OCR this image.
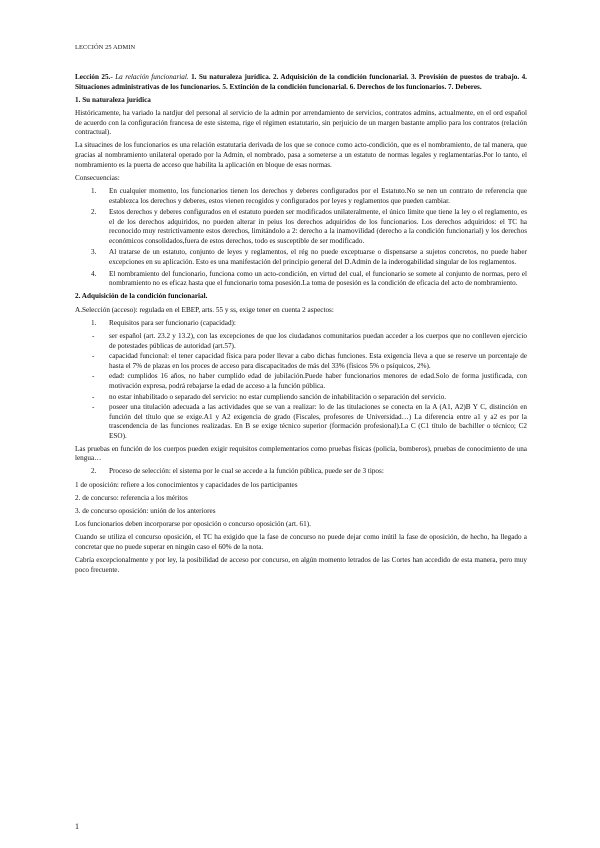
LECCIÓN 25 ADMIN

Lección 25.- La relación funcionarial. 1. Su naturaleza jurídica. 2. Adquisición de la condición funcionarial. 3. Provisión de puestos de trabajo. 4. Situaciones administrativas de los funcionarios. 5. Extinción de la condición funcionarial. 6. Derechos de los funcionarios. 7. Deberes.

1. Su naturaleza jurídica

Históricamente, ha variado la natdjur del personal al servicio de la admin por arrendamiento de servicios, contratos admins, actualmente, en el ord español de acuerdo con la configuración francesa de este sistema, rige el régimen estatutario, sin perjuicio de un margen bastante amplio para los contratos (relación contractual).

La situacines de los funcionarios es una relación estatutaria derivada de los que se conoce como acto-condición, que es el nombramiento, de tal manera, que gracias al nombramiento unilateral operado por la Admin, el nombrado, pasa a someterse a un estatuto de normas legales y reglamentarias.Por lo tanto, el nombramiento es la puerta de acceso que habilita la aplicación en bloque de esas normas.

Consecuencias:

1. En cualquier momento, los funcionarios tienen los derechos y deberes configurados por el Estatuto.No se nen un contrato de referencia que establezca los derechos y deberes, estos vienen recogidos y configurados por leyes y reglamentos que pueden cambiar.
2. Estos derechos y deberes configurados en el estatuto pueden ser modificados unilateralmente, el único límite que tiene la ley o el reglamento, es el de los derechos adquiridos, no pueden alterar in peius los derechos adquiridos de los funcionarios. Los derechos adquiridos: el TC ha reconocido muy restrictivamente estos derechos, limitándolo a 2: derecho a la inamovilidad (derecho a la condición funcionarial) y los derechos económicos consolidados,fuera de estos derechos, todo es susceptible de ser modificado.
3. Al tratarse de un estatuto, conjunto de leyes y reglamentos, el rég no puede exceptuarse o dispensarse a sujetos concretos, no puede haber excepciones en su aplicación. Esto es una manifestación del principio general del D.Admin de la inderogabilidad singular de los reglamentos.
4. El nombramiento del funcionario, funciona como un acto-condición, en virtud del cual, el funcionario se somete al conjunto de normas, pero el nombramiento no es eficaz hasta que el funcionario toma posesión.La toma de posesión es la condición de eficacia del acto de nombramiento.
2. Adquisición de la condición funcionarial.

A.Selección (acceso): regulada en el EBEP, arts. 55 y ss, exige tener en cuenta 2 aspectos:

1. Requisitos para ser funcionario (capacidad):
- ser español (art. 23.2 y 13.2), con las excepciones de que los ciudadanos comunitarios puedan acceder a los cuerpos que no conlleven ejercicio de potestades públicas de autoridad (art.57).
- capacidad funcional: el tener capacidad física para poder llevar a cabo dichas funciones. Esta exigencia lleva a que se reserve un porcentaje de hasta el 7% de plazas en los proces de acceso para discapacitados de más del 33% (físicos 5% o psíquicos, 2%).
- edad: cumplidos 16 años, no haber cumplido edad de jubilación.Puede haber funcionarios menores de edad.Solo de forma justificada, con motivación expresa, podrá rebajarse la edad de acceso a la función pública.
- no estar inhabilitado o separado del servicio: no estar cumpliendo sanción de inhabilitación o separación del servicio.
- poseer una titulación adecuada a las actividades que se van a realizar: lo de las titulaciones se conecta en la A (A1, A2)B Y C, distinción en función del título que se exige.A1 y A2 exigencia de grado (Fiscales, profesores de Universidad…) La diferencia entre a1 y a2 es por la trascendencia de las funciones realizadas. En B se exige técnico superior (formación profesional).La C (C1 título de bachiller o técnico; C2 ESO).

Las pruebas en función de los cuerpos pueden exigir requisitos complementarios como pruebas físicas (policía, bomberos), pruebas de conocimiento de una lengua…

2. Proceso de selección: el sistema por le cual se accede a la función pública, puede ser de 3 tipos:

1 de oposición: refiere a los conocimientos y capacidades de los participantes

2. de concurso: referencia a los méritos

3. de concurso oposición: unión de los anteriores

Los funcionarios deben incorporarse por oposición o concurso oposición (art. 61).

Cuando se utiliza el concurso oposición, el TC ha exigido que la fase de concurso no puede dejar como inútil la fase de oposición, de hecho, ha llegado a concretar que no puede superar en ningún caso el 60% de la nota.

Cabría excepcionalmente y por ley, la posibilidad de acceso por concurso, en algún momento letrados de las Cortes han accedido de esta manera, pero muy poco frecuente.

1
